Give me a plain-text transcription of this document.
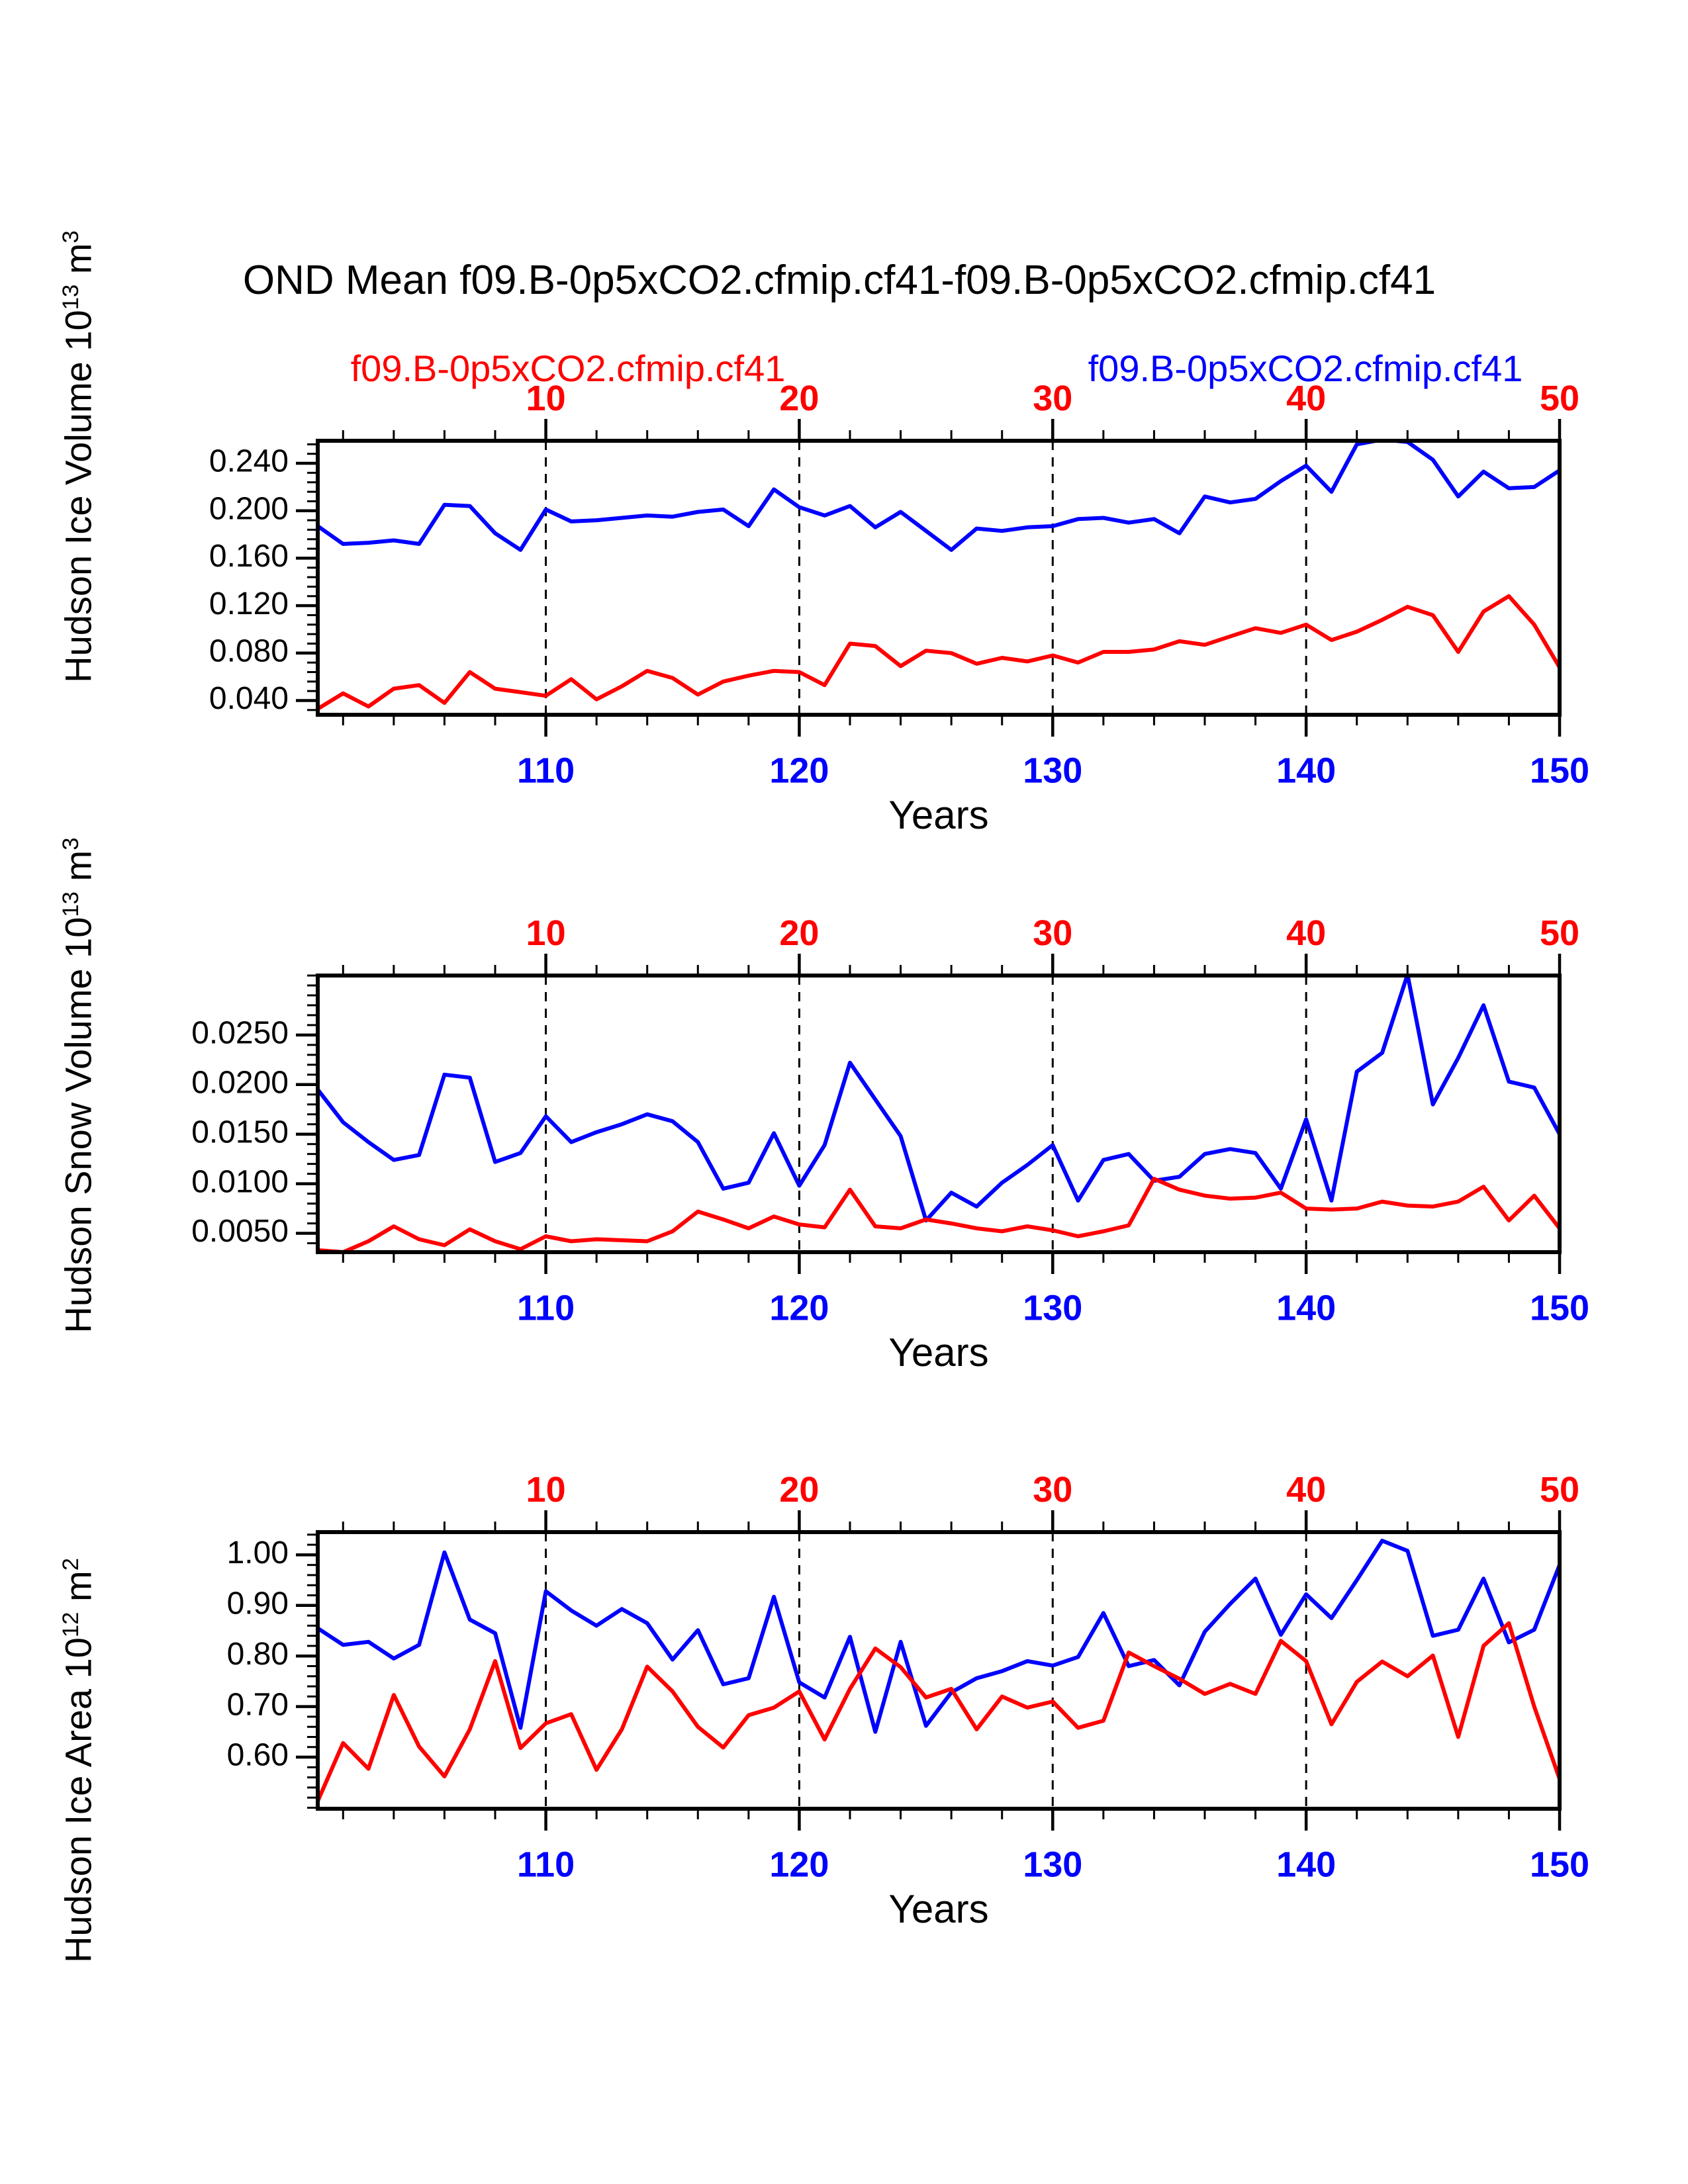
OND Mean f09.B-0p5xCO2.cfmip.cf41-f09.B-0p5xCO2.cfmip.cf41
f09.B-0p5xCO2.cfmip.cf41	f09.B-0p5xCO2.cfmip.cf41
Hudson Ice Volume $10^{13}$ $m^3$
Hudson Snow Volume $10^{13}$ $m^3$
Hudson Ice Area $10^{12}$ $m^2$
110
10
120
20
130
30
140
40
150
50
0.240
0.200
0.160
0.120
0.080
0.040
Years
110
10
120
20
130
30
140
40
150
50
0.0250
0.0200
0.0150
0.0100
0.0050
Years
110
10
120
20
130
30
140
40
150
50
1.00
0.90
0.80
0.70
0.60
Years
